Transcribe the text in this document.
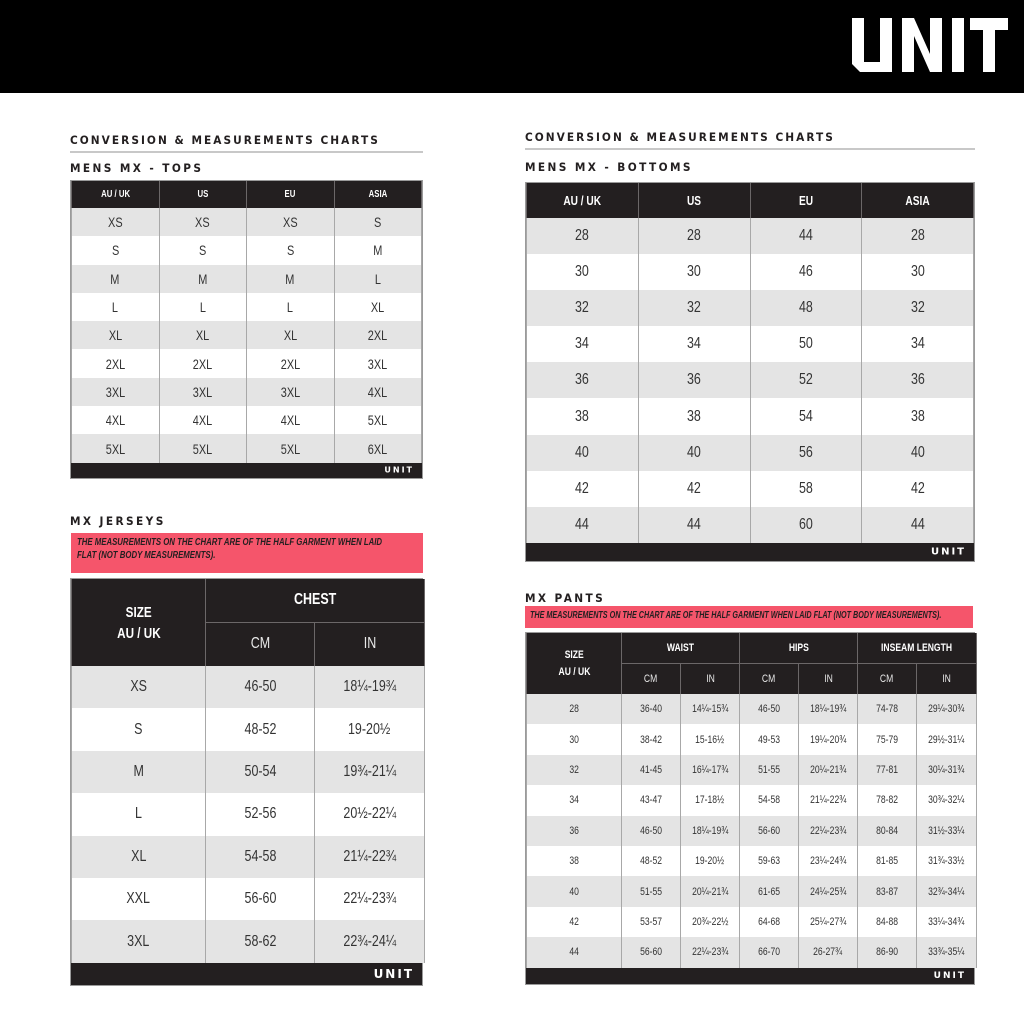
CONVERSION & MEASUREMENTS CHARTS
MENS MX - TOPS
AU / UK	US	EU	ASIA
XS	XS	XS	S
S	S	S	M
M	M	M	L
L	L	L	XL
XL	XL	XL	2XL
2XL	2XL	2XL	3XL
3XL	3XL	3XL	4XL
4XL	4XL	4XL	5XL
5XL	5XL	5XL	6XL
UNIT
CONVERSION & MEASUREMENTS CHARTS
MENS MX - BOTTOMS
AU / UK	US	EU	ASIA
28	28	44	28
30	30	46	30
32	32	48	32
34	34	50	34
36	36	52	36
38	38	54	38
40	40	56	40
42	42	58	42
44	44	60	44
UNIT
MX JERSEYS
THE MEASUREMENTS ON THE CHART ARE OF THE HALF GARMENT WHEN LAID
FLAT (NOT BODY MEASUREMENTS).
SIZE
AU / UK	CHEST	
	CM	IN
XS	46-50	18¼-19¾
S	48-52	19-20½
M	50-54	19¾-21¼
L	52-56	20½-22¼
XL	54-58	21¼-22¾
XXL	56-60	22¼-23¾
3XL	58-62	22¾-24¼
UNIT
MX PANTS
THE MEASUREMENTS ON THE CHART ARE OF THE HALF GARMENT WHEN LAID FLAT (NOT BODY MEASUREMENTS).
SIZE
AU / UK	WAIST		HIPS		INSEAM LENGTH	
	CM	IN	CM	IN	CM	IN
28	36-40	14¼-15¾	46-50	18¼-19¾	74-78	29¼-30¾
30	38-42	15-16½	49-53	19¼-20¾	75-79	29½-31¼
32	41-45	16¼-17¾	51-55	20¼-21¾	77-81	30¼-31¾
34	43-47	17-18½	54-58	21¼-22¾	78-82	30¾-32¼
36	46-50	18¼-19¾	56-60	22¼-23¾	80-84	31½-33¼
38	48-52	19-20½	59-63	23¼-24¾	81-85	31¾-33½
40	51-55	20¼-21¾	61-65	24¼-25¾	83-87	32¾-34¼
42	53-57	20¾-22½	64-68	25¼-27¾	84-88	33¼-34¾
44	56-60	22¼-23¾	66-70	26-27¾	86-90	33¾-35¼
UNIT
